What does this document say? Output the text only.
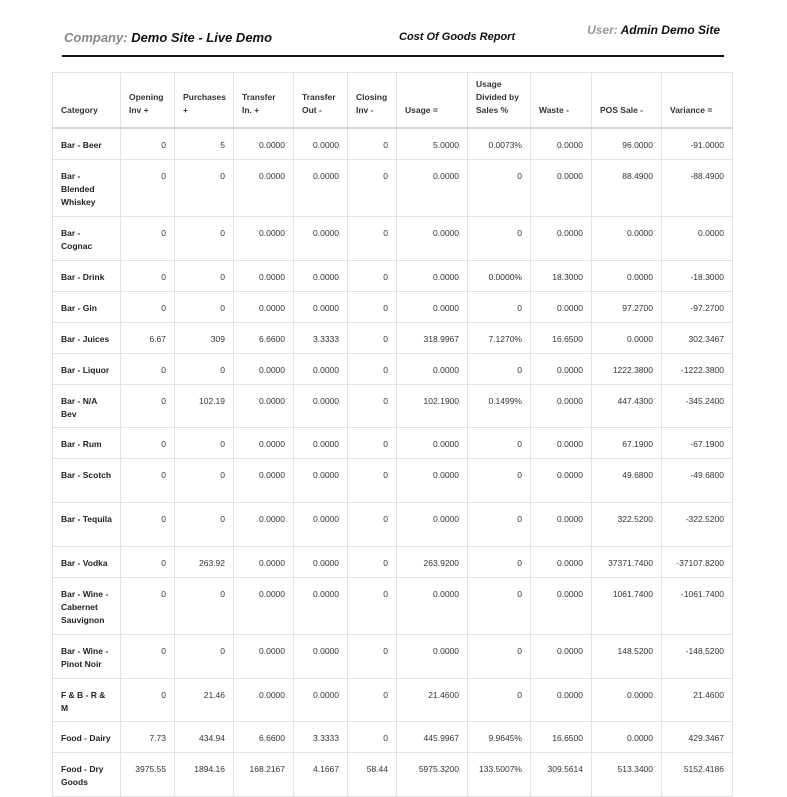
Company: Demo Site - Live Demo	Cost Of Goods Report	User: Admin Demo Site
Category	Opening Inv +	Purchases +	Transfer In. +	Transfer Out -	Closing Inv -	Usage =	Usage Divided by Sales %	Waste -	POS Sale -	Variance =
Bar - Beer	0	5	0.0000	0.0000	0	5.0000	0.0073%	0.0000	96.0000	-91.0000
Bar - Blended Whiskey	0	0	0.0000	0.0000	0	0.0000	0	0.0000	88.4900	-88.4900
Bar - Cognac	0	0	0.0000	0.0000	0	0.0000	0	0.0000	0.0000	0.0000
Bar - Drink	0	0	0.0000	0.0000	0	0.0000	0.0000%	18.3000	0.0000	-18.3000
Bar - Gin	0	0	0.0000	0.0000	0	0.0000	0	0.0000	97.2700	-97.2700
Bar - Juices	6.67	309	6.6600	3.3333	0	318.9967	7.1270%	16.6500	0.0000	302.3467
Bar - Liquor	0	0	0.0000	0.0000	0	0.0000	0	0.0000	1222.3800	-1222.3800
Bar - N/A Bev	0	102.19	0.0000	0.0000	0	102.1900	0.1499%	0.0000	447.4300	-345.2400
Bar - Rum	0	0	0.0000	0.0000	0	0.0000	0	0.0000	67.1900	-67.1900
Bar - Scotch	0	0	0.0000	0.0000	0	0.0000	0	0.0000	49.6800	-49.6800
Bar - Tequila	0	0	0.0000	0.0000	0	0.0000	0	0.0000	322.5200	-322.5200
Bar - Vodka	0	263.92	0.0000	0.0000	0	263.9200	0	0.0000	37371.7400	-37107.8200
Bar - Wine - Cabernet Sauvignon	0	0	0.0000	0.0000	0	0.0000	0	0.0000	1061.7400	-1061.7400
Bar - Wine - Pinot Noir	0	0	0.0000	0.0000	0	0.0000	0	0.0000	148.5200	-148.5200
F & B - R & M	0	21.46	0.0000	0.0000	0	21.4600	0	0.0000	0.0000	21.4600
Food - Dairy	7.73	434.94	6.6600	3.3333	0	445.9967	9.9645%	16.6500	0.0000	429.3467
Food - Dry Goods	3975.55	1894.16	168.2167	4.1667	58.44	5975.3200	133.5007%	309.5614	513.3400	5152.4186
